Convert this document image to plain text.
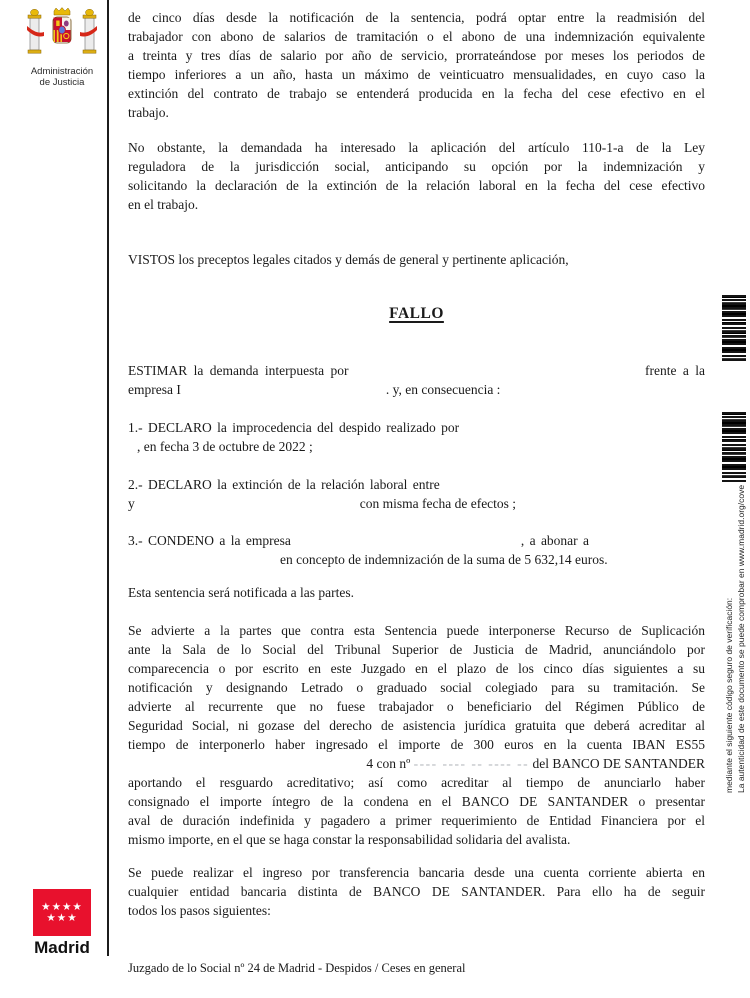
Administración
de Justicia
de cinco días desde la notificación de la sentencia, podrá optar entre la readmisión del
trabajador con abono de salarios de tramitación o el abono de una indemnización equivalente
a treinta y tres días de salario por año de servicio, prorrateándose por meses los periodos de
tiempo inferiores a un año, hasta un máximo de veinticuatro mensualidades, en cuyo caso la
extinción del contrato de trabajo se entenderá producida en la fecha del cese efectivo en el
trabajo.
No obstante, la demandada ha interesado la aplicación del artículo 110-1-a de la Ley
reguladora de la jurisdicción social, anticipando su opción por la indemnización y
solicitando la declaración de la extinción de la relación laboral en la fecha del cese efectivo
en el trabajo.
VISTOS los preceptos legales citados y demás de general y pertinente aplicación,
FALLO
ESTIMAR la demanda interpuesta por	frente a la
empresa I	. y, en consecuencia :
1.- DECLARO la improcedencia del despido realizado por
, en fecha 3 de octubre de 2022 ;
2.- DECLARO la extinción de la relación laboral entre
y	con misma fecha de efectos ;
3.- CONDENO a la empresa	, a abonar a
en concepto de indemnización de la suma de 5 632,14 euros.
Esta sentencia será notificada a las partes.
Se advierte a la partes que contra esta Sentencia puede interponerse Recurso de Suplicación
ante la Sala de lo Social del Tribunal Superior de Justicia de Madrid, anunciándolo por
comparecencia o por escrito en este Juzgado en el plazo de los cinco días siguientes a su
notificación y designando Letrado o graduado social colegiado para su tramitación. Se
advierte al recurrente que no fuese trabajador o beneficiario del Régimen Público de
Seguridad Social, ni gozase del derecho de asistencia jurídica gratuita que deberá acreditar al
tiempo de interponerlo haber ingresado el importe de 300 euros en la cuenta IBAN ES55
4 con nº ---- ---- -- ---- -- del BANCO DE SANTANDER
aportando el resguardo acreditativo; así como acreditar al tiempo de anunciarlo haber
consignado el importe íntegro de la condena en el BANCO DE SANTANDER o presentar
aval de duración indefinida y pagadero a primer requerimiento de Entidad Financiera por el
mismo importe, en el que se haga constar la responsabilidad solidaria del avalista.
Se puede realizar el ingreso por transferencia bancaria desde una cuenta corriente abierta en
cualquier entidad bancaria distinta de BANCO DE SANTANDER. Para ello ha de seguir
todos los pasos siguientes:
mediante el siguiente código seguro de verificación: La autenticidad de este documento se puede comprobar en www.madrid.org/cove
★★★★
★★★
Madrid
Juzgado de lo Social nº 24 de Madrid - Despidos / Ceses en general
